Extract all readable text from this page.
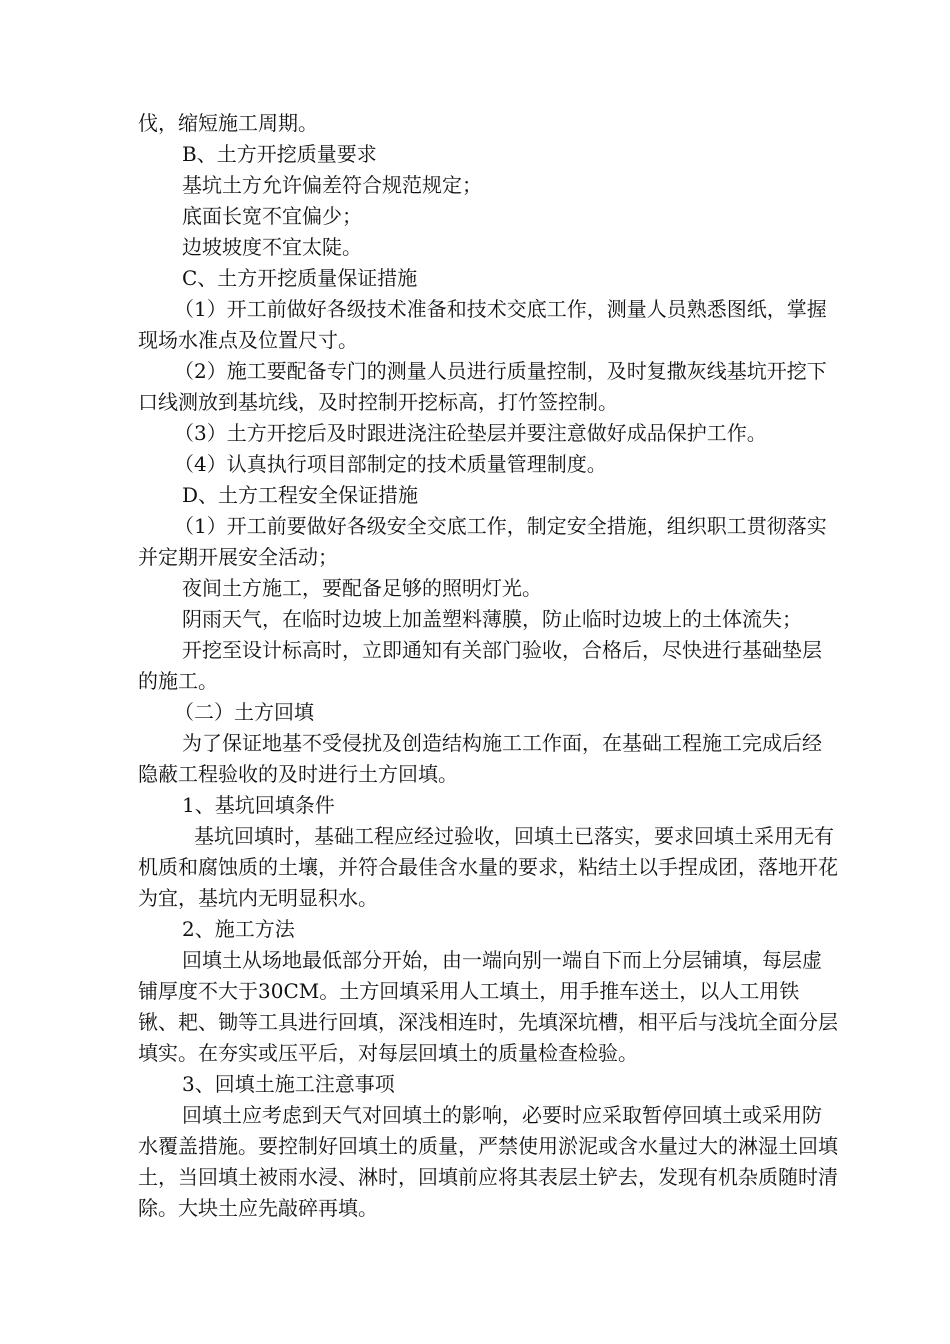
伐，缩短施工周期。

B、土方开挖质量要求

基坑土方允许偏差符合规范规定；

底面长宽不宜偏少；

边坡坡度不宜太陡。

C、土方开挖质量保证措施

（1）开工前做好各级技术准备和技术交底工作，测量人员熟悉图纸，掌握现场水准点及位置尺寸。

（2）施工要配备专门的测量人员进行质量控制，及时复撒灰线基坑开挖下口线测放到基坑线，及时控制开挖标高，打竹签控制。

（3）土方开挖后及时跟进浇注砼垫层并要注意做好成品保护工作。

（4）认真执行项目部制定的技术质量管理制度。

D、土方工程安全保证措施

（1）开工前要做好各级安全交底工作，制定安全措施，组织职工贯彻落实并定期开展安全活动；

夜间土方施工，要配备足够的照明灯光。

阴雨天气，在临时边坡上加盖塑料薄膜，防止临时边坡上的土体流失；

开挖至设计标高时，立即通知有关部门验收，合格后，尽快进行基础垫层的施工。

（二）土方回填

为了保证地基不受侵扰及创造结构施工工作面，在基础工程施工完成后经隐蔽工程验收的及时进行土方回填。

1、基坑回填条件

基坑回填时，基础工程应经过验收，回填土已落实，要求回填土采用无有机质和腐蚀质的土壤，并符合最佳含水量的要求，粘结土以手捏成团，落地开花为宜，基坑内无明显积水。

2、施工方法

回填土从场地最低部分开始，由一端向别一端自下而上分层铺填，每层虚铺厚度不大于30CM。土方回填采用人工填土，用手推车送土，以人工用铁锹、耙、锄等工具进行回填，深浅相连时，先填深坑槽，相平后与浅坑全面分层填实。在夯实或压平后，对每层回填土的质量检查检验。

3、回填土施工注意事项

回填土应考虑到天气对回填土的影响，必要时应采取暂停回填土或采用防水覆盖措施。要控制好回填土的质量，严禁使用淤泥或含水量过大的淋湿土回填土，当回填土被雨水浸、淋时，回填前应将其表层土铲去，发现有机杂质随时清除。大块土应先敲碎再填。
